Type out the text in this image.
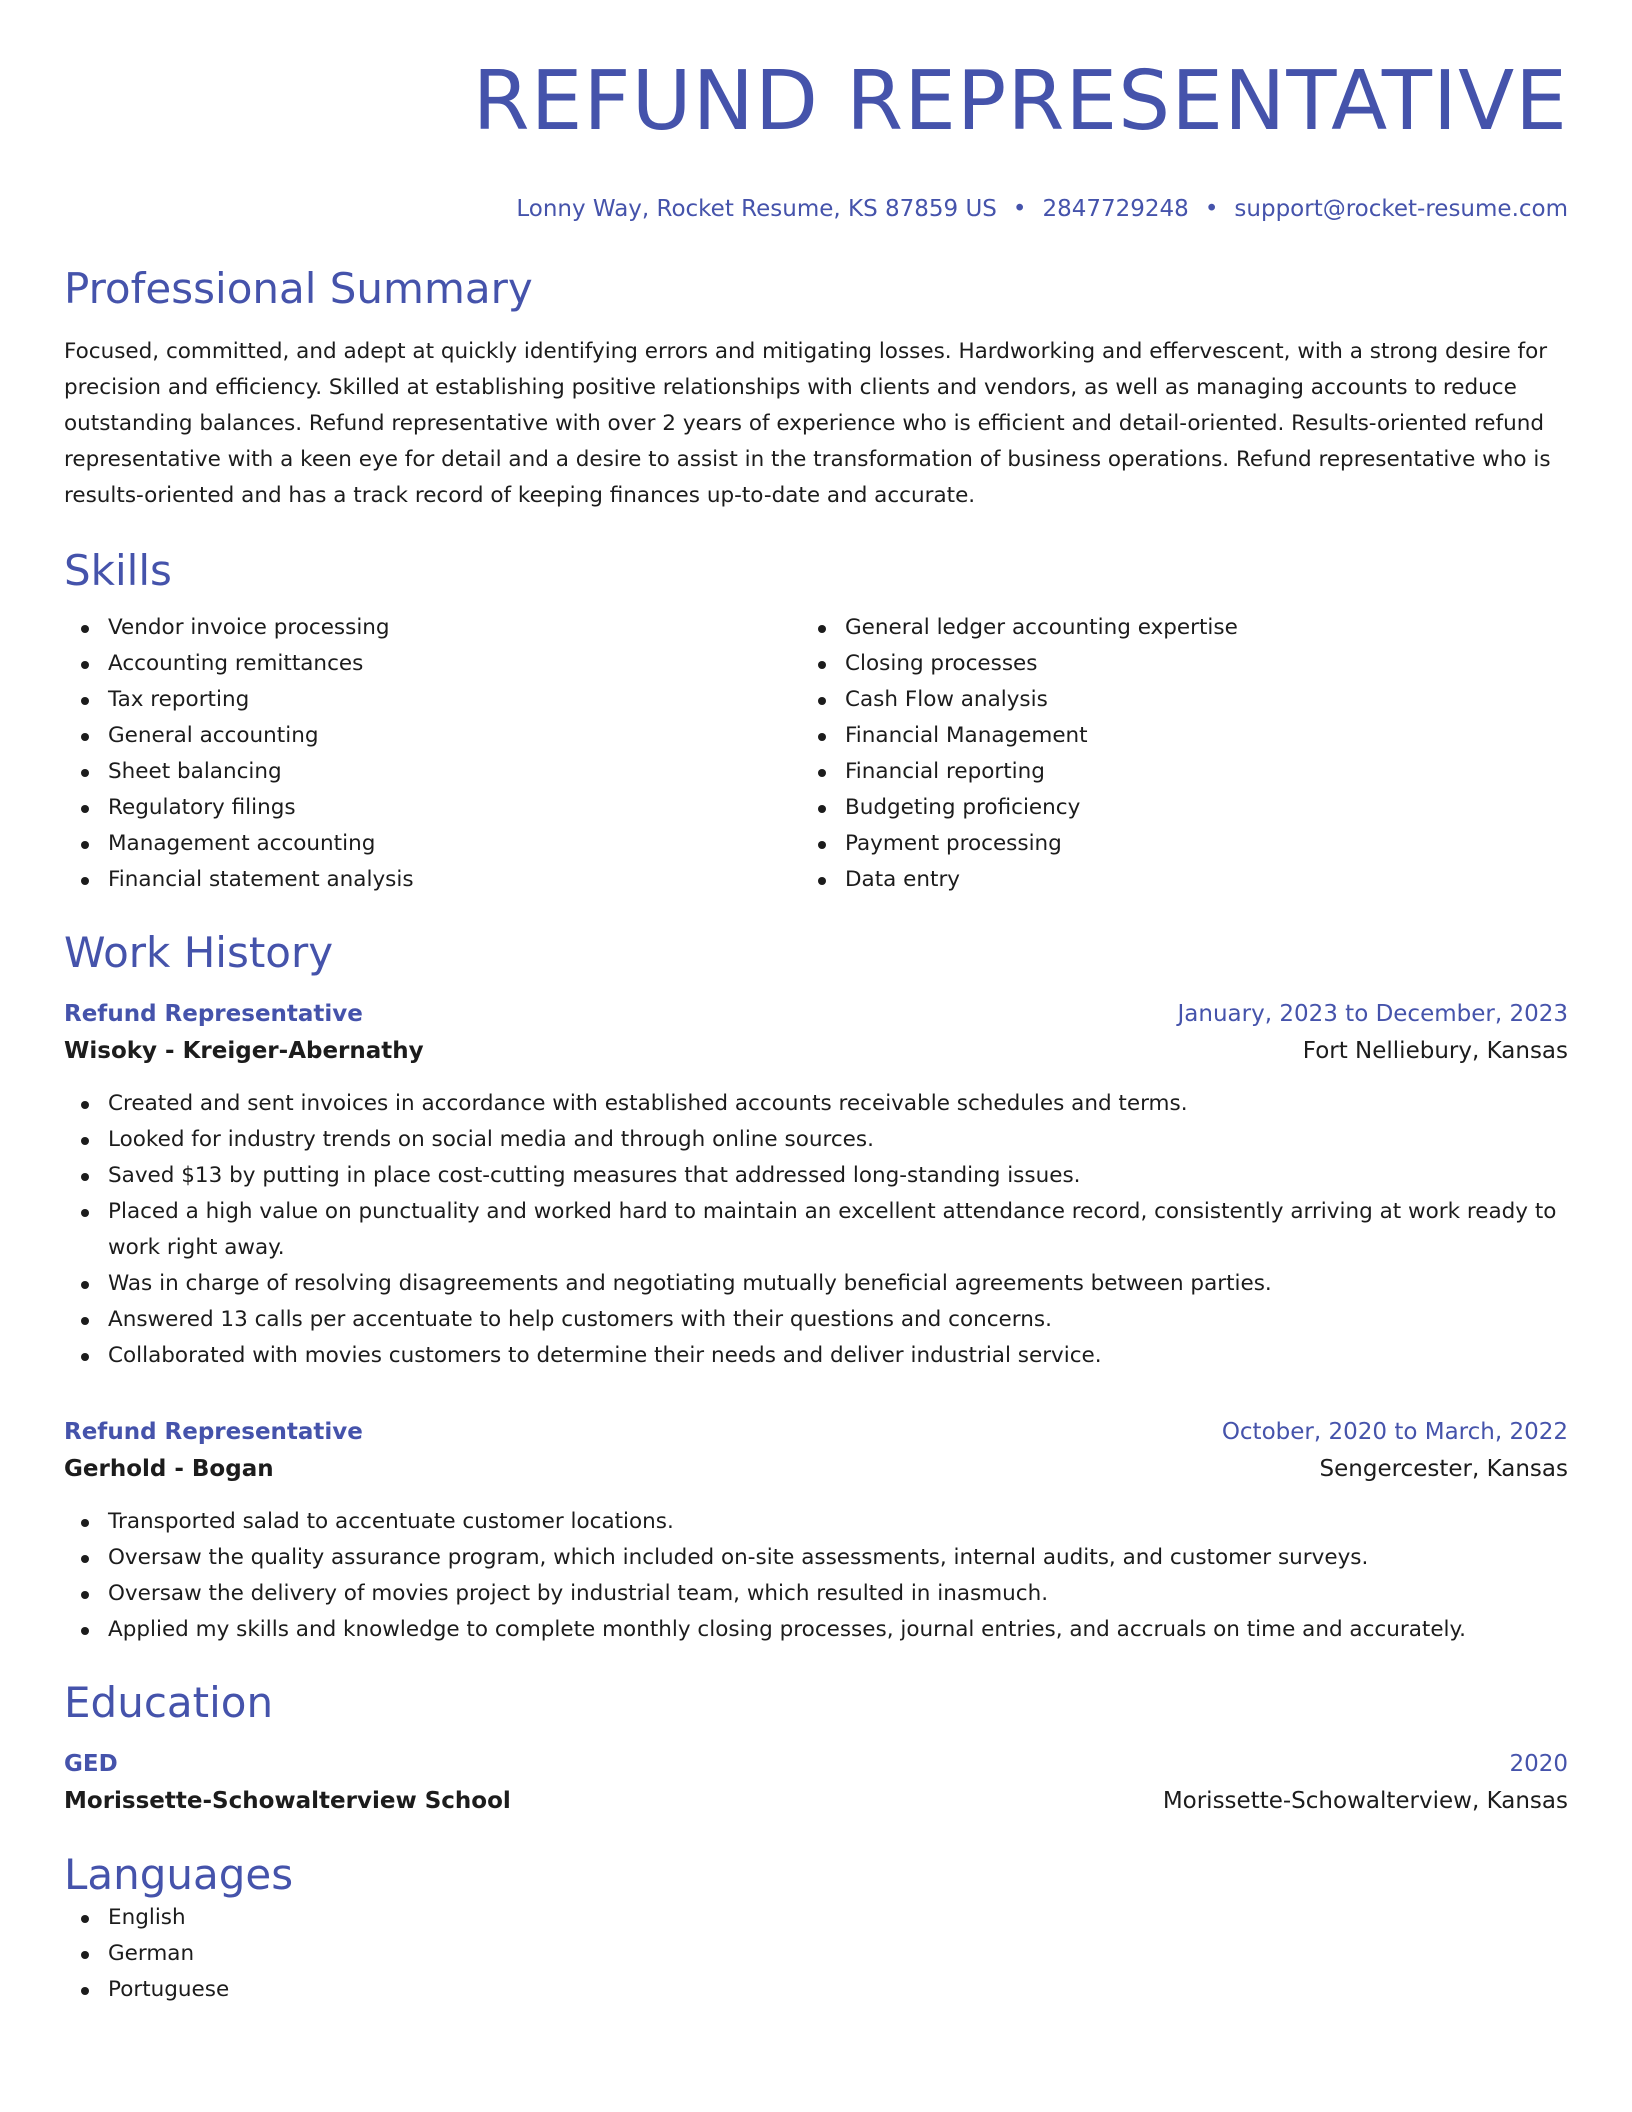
REFUND REPRESENTATIVE
Lonny Way, Rocket Resume, KS 87859 US • 2847729248 • support@rocket-resume.com
Professional Summary

Focused, committed, and adept at quickly identifying errors and mitigating losses. Hardworking and effervescent, with a strong desire for precision and efficiency. Skilled at establishing positive relationships with clients and vendors, as well as managing accounts to reduce outstanding balances. Refund representative with over 2 years of experience who is efficient and detail-oriented. Results-oriented refund representative with a keen eye for detail and a desire to assist in the transformation of business operations. Refund representative who is results-oriented and has a track record of keeping finances up-to-date and accurate.

Skills
Vendor invoice processing
Accounting remittances
Tax reporting
General accounting
Sheet balancing
Regulatory filings
Management accounting
Financial statement analysis
General ledger accounting expertise
Closing processes
Cash Flow analysis
Financial Management
Financial reporting
Budgeting proficiency
Payment processing
Data entry
Work History
Refund Representative	January, 2023 to December, 2023
Wisoky - Kreiger-Abernathy	Fort Nelliebury, Kansas
Created and sent invoices in accordance with established accounts receivable schedules and terms.
Looked for industry trends on social media and through online sources.
Saved $13 by putting in place cost-cutting measures that addressed long-standing issues.
Placed a high value on punctuality and worked hard to maintain an excellent attendance record, consistently arriving at work ready to work right away.
Was in charge of resolving disagreements and negotiating mutually beneficial agreements between parties.
Answered 13 calls per accentuate to help customers with their questions and concerns.
Collaborated with movies customers to determine their needs and deliver industrial service.
Refund Representative	October, 2020 to March, 2022
Gerhold - Bogan	Sengercester, Kansas
Transported salad to accentuate customer locations.
Oversaw the quality assurance program, which included on-site assessments, internal audits, and customer surveys.
Oversaw the delivery of movies project by industrial team, which resulted in inasmuch.
Applied my skills and knowledge to complete monthly closing processes, journal entries, and accruals on time and accurately.
Education
GED	2020
Morissette-Schowalterview School	Morissette-Schowalterview, Kansas
Languages
English
German
Portuguese
